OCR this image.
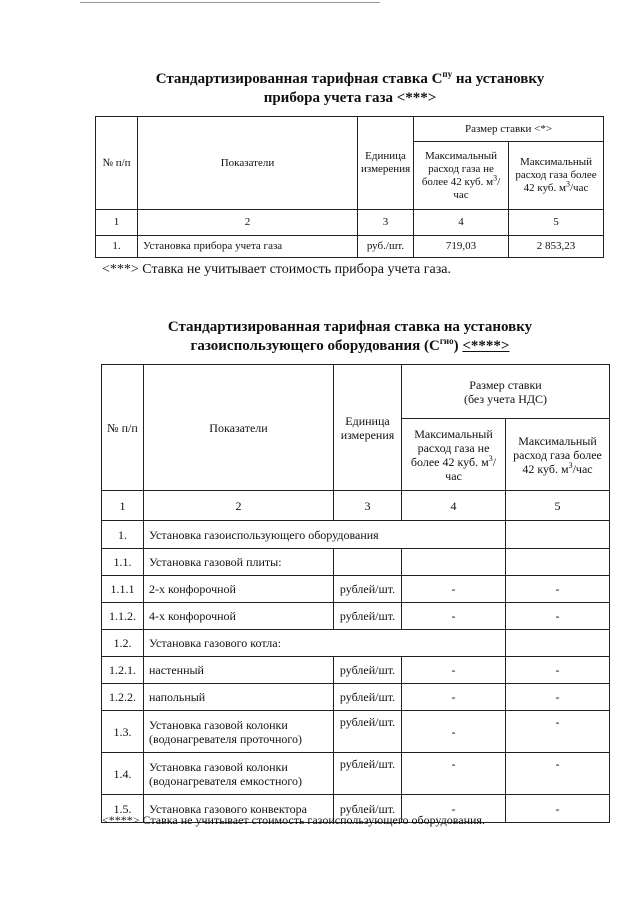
Стандартизированная тарифная ставка $С^{пу}$ на установку
прибора учета газа <***>
№ п/п	Показатели	Единица измерения	Размер ставки <*>	
			Максимальный расход газа не более 42 куб. $м^3$/час	Максимальный расход газа более 42 куб. $м^3$/час
1	2	3	4	5
1.	Установка прибора учета газа	руб./шт.	719,03	2 853,23
<***> Ставка не учитывает стоимость прибора учета газа.
Стандартизированная тарифная ставка на установку
газоиспользующего оборудования $(С^{гио})$ <****>
№ п/п	Показатели	Единица измерения	Размер ставки
(без учета НДС)	

			Максимальный расход газа не более 42 куб. $м^3$/час	Максимальный расход газа более 42 куб. $м^3$/час
1	2	3	4	5
1.	Установка газоиспользующего оборудования			
1.1.	Установка газовой плиты:			
1.1.1	2-х конфорочной	рублей/шт.	-	-
1.1.2.	4-х конфорочной	рублей/шт.	-	-
1.2.	Установка газового котла:			
1.2.1.	настенный	рублей/шт.	-	-
1.2.2.	напольный	рублей/шт.	-	-
1.3.	Установка газовой колонки (водонагревателя проточного)	рублей/шт.	-	-
1.4.	Установка газовой колонки (водонагревателя емкостного)	рублей/шт.	-	-
1.5.	Установка газового конвектора	рублей/шт.	-	-
<****> Ставка не учитывает стоимость газоиспользующего оборудования.
